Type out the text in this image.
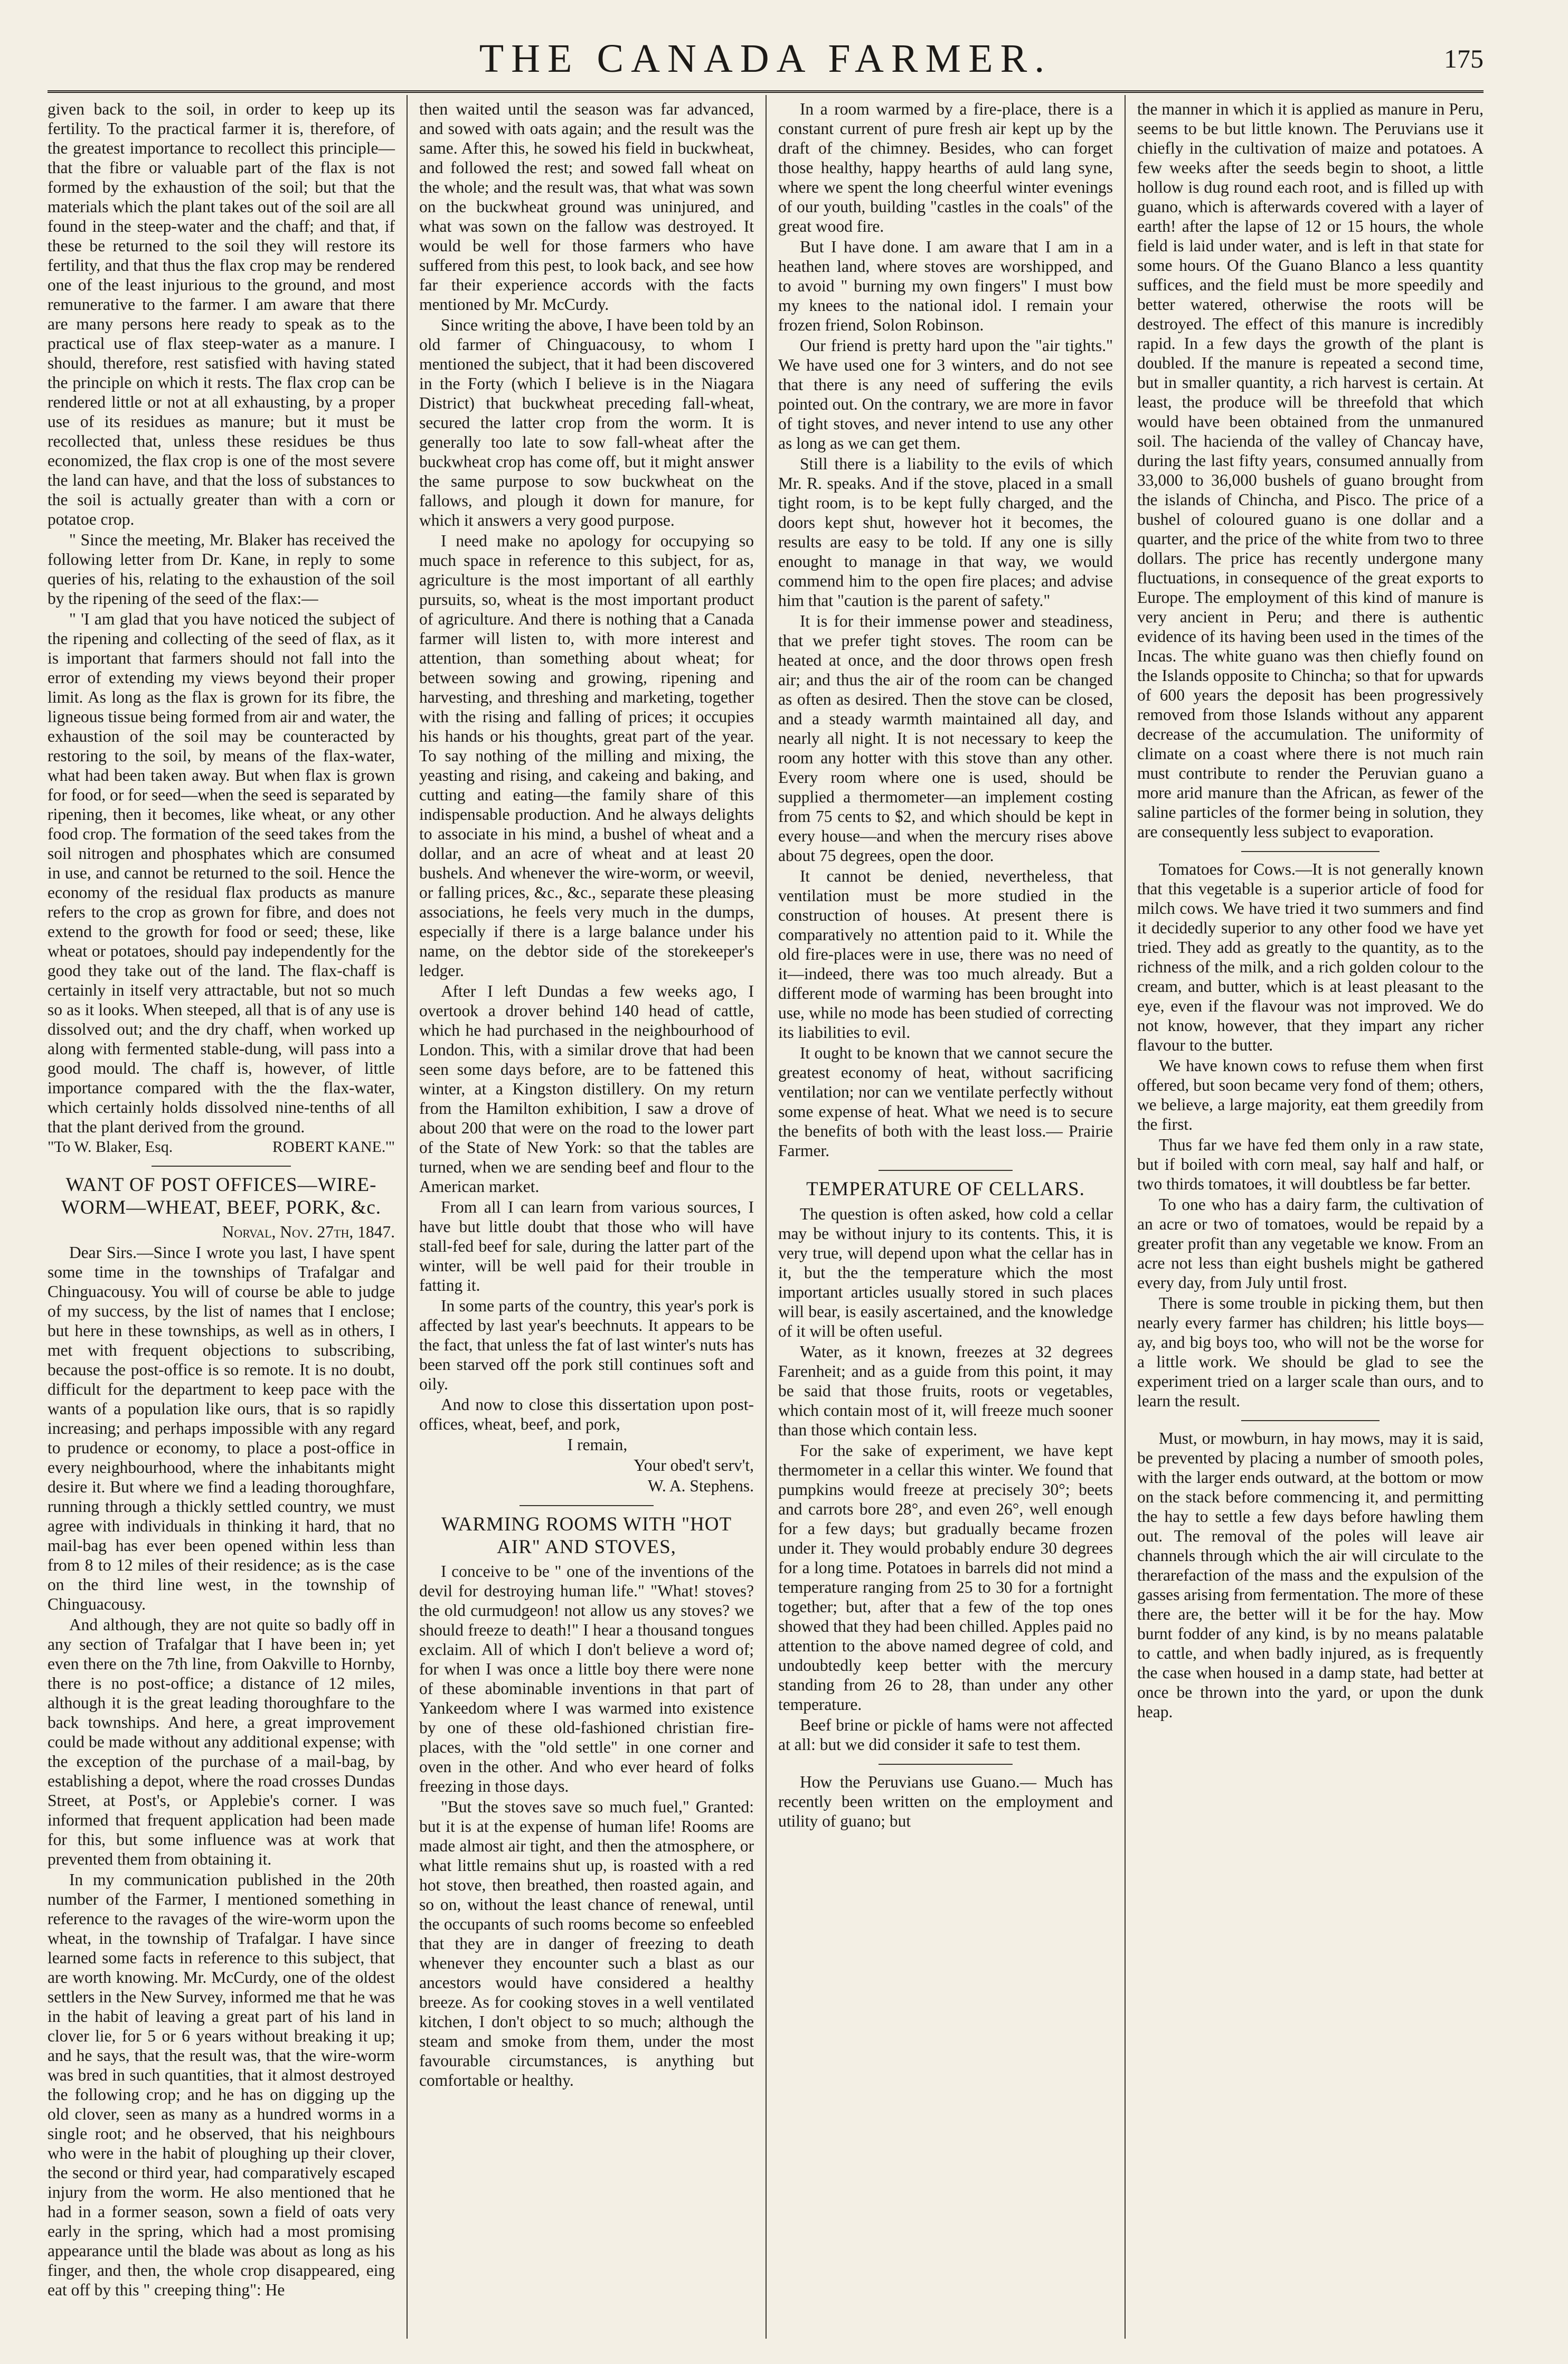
THE CANADA FARMER.	175

given back to the soil, in order to keep up its fertility. To the practical farmer it is, therefore, of the greatest importance to recollect this principle—that the fibre or valuable part of the flax is not formed by the exhaustion of the soil; but that the materials which the plant takes out of the soil are all found in the steep-water and the chaff; and that, if these be returned to the soil they will restore its fertility, and that thus the flax crop may be rendered one of the least injurious to the ground, and most remunerative to the farmer. I am aware that there are many persons here ready to speak as to the practical use of flax steep-water as a manure. I should, therefore, rest satisfied with having stated the principle on which it rests. The flax crop can be rendered little or not at all exhausting, by a proper use of its residues as manure; but it must be recollected that, unless these residues be thus economized, the flax crop is one of the most severe the land can have, and that the loss of substances to the soil is actually greater than with a corn or potatoe crop.

" Since the meeting, Mr. Blaker has received the following letter from Dr. Kane, in reply to some queries of his, relating to the exhaustion of the soil by the ripening of the seed of the flax:—

" 'I am glad that you have noticed the subject of the ripening and collecting of the seed of flax, as it is important that farmers should not fall into the error of extending my views beyond their proper limit. As long as the flax is grown for its fibre, the ligneous tissue being formed from air and water, the exhaustion of the soil may be counteracted by restoring to the soil, by means of the flax-water, what had been taken away. But when flax is grown for food, or for seed—when the seed is separated by ripening, then it becomes, like wheat, or any other food crop. The formation of the seed takes from the soil nitrogen and phosphates which are consumed in use, and cannot be returned to the soil. Hence the economy of the residual flax products as manure refers to the crop as grown for fibre, and does not extend to the growth for food or seed; these, like wheat or potatoes, should pay independently for the good they take out of the land. The flax-chaff is certainly in itself very attractable, but not so much so as it looks. When steeped, all that is of any use is dissolved out; and the dry chaff, when worked up along with fermented stable-dung, will pass into a good mould. The chaff is, however, of little importance compared with the the flax-water, which certainly holds dissolved nine-tenths of all that the plant derived from the ground.

"To W. Blaker, Esq.	ROBERT KANE.'"
WANT OF POST OFFICES—WIRE-WORM—WHEAT, BEEF, PORK, &c.

Norval, Nov. 27th, 1847.

Dear Sirs.—Since I wrote you last, I have spent some time in the townships of Trafalgar and Chinguacousy. You will of course be able to judge of my success, by the list of names that I enclose; but here in these townships, as well as in others, I met with frequent objections to subscribing, because the post-office is so remote. It is no doubt, difficult for the department to keep pace with the wants of a population like ours, that is so rapidly increasing; and perhaps impossible with any regard to prudence or economy, to place a post-office in every neighbourhood, where the inhabitants might desire it. But where we find a leading thoroughfare, running through a thickly settled country, we must agree with individuals in thinking it hard, that no mail-bag has ever been opened within less than from 8 to 12 miles of their residence; as is the case on the third line west, in the township of Chinguacousy.

And although, they are not quite so badly off in any section of Trafalgar that I have been in; yet even there on the 7th line, from Oakville to Hornby, there is no post-office; a distance of 12 miles, although it is the great leading thoroughfare to the back townships. And here, a great improvement could be made without any additional expense; with the exception of the purchase of a mail-bag, by establishing a depot, where the road crosses Dundas Street, at Post's, or Applebie's corner. I was informed that frequent application had been made for this, but some influence was at work that prevented them from obtaining it.

In my communication published in the 20th number of the Farmer, I mentioned something in reference to the ravages of the wire-worm upon the wheat, in the township of Trafalgar. I have since learned some facts in reference to this subject, that are worth knowing. Mr. McCurdy, one of the oldest settlers in the New Survey, informed me that he was in the habit of leaving a great part of his land in clover lie, for 5 or 6 years without breaking it up; and he says, that the result was, that the wire-worm was bred in such quantities, that it almost destroyed the following crop; and he has on digging up the old clover, seen as many as a hundred worms in a single root; and he observed, that his neighbours who were in the habit of ploughing up their clover, the second or third year, had comparatively escaped injury from the worm. He also mentioned that he had in a former season, sown a field of oats very early in the spring, which had a most promising appearance until the blade was about as long as his finger, and then, the whole crop disappeared, eing eat off by this " creeping thing": He

then waited until the season was far advanced, and sowed with oats again; and the result was the same. After this, he sowed his field in buckwheat, and followed the rest; and sowed fall wheat on the whole; and the result was, that what was sown on the buckwheat ground was uninjured, and what was sown on the fallow was destroyed. It would be well for those farmers who have suffered from this pest, to look back, and see how far their experience accords with the facts mentioned by Mr. McCurdy.

Since writing the above, I have been told by an old farmer of Chinguacousy, to whom I mentioned the subject, that it had been discovered in the Forty (which I believe is in the Niagara District) that buckwheat preceding fall-wheat, secured the latter crop from the worm. It is generally too late to sow fall-wheat after the buckwheat crop has come off, but it might answer the same purpose to sow buckwheat on the fallows, and plough it down for manure, for which it answers a very good purpose.

I need make no apology for occupying so much space in reference to this subject, for as, agriculture is the most important of all earthly pursuits, so, wheat is the most important product of agriculture. And there is nothing that a Canada farmer will listen to, with more interest and attention, than something about wheat; for between sowing and growing, ripening and harvesting, and threshing and marketing, together with the rising and falling of prices; it occupies his hands or his thoughts, great part of the year. To say nothing of the milling and mixing, the yeasting and rising, and cakeing and baking, and cutting and eating—the family share of this indispensable production. And he always delights to associate in his mind, a bushel of wheat and a dollar, and an acre of wheat and at least 20 bushels. And whenever the wire-worm, or weevil, or falling prices, &c., &c., separate these pleasing associations, he feels very much in the dumps, especially if there is a large balance under his name, on the debtor side of the storekeeper's ledger.

After I left Dundas a few weeks ago, I overtook a drover behind 140 head of cattle, which he had purchased in the neighbourhood of London. This, with a similar drove that had been seen some days before, are to be fattened this winter, at a Kingston distillery. On my return from the Hamilton exhibition, I saw a drove of about 200 that were on the road to the lower part of the State of New York: so that the tables are turned, when we are sending beef and flour to the American market.

From all I can learn from various sources, I have but little doubt that those who will have stall-fed beef for sale, during the latter part of the winter, will be well paid for their trouble in fatting it.

In some parts of the country, this year's pork is affected by last year's beechnuts. It appears to be the fact, that unless the fat of last winter's nuts has been starved off the pork still continues soft and oily.

And now to close this dissertation upon post-offices, wheat, beef, and pork,

I remain,

Your obed't serv't,

W. A. Stephens.

WARMING ROOMS WITH "HOT AIR" AND STOVES,

I conceive to be " one of the inventions of the devil for destroying human life." "What! stoves? the old curmudgeon! not allow us any stoves? we should freeze to death!" I hear a thousand tongues exclaim. All of which I don't believe a word of; for when I was once a little boy there were none of these abominable inventions in that part of Yankeedom where I was warmed into existence by one of these old-fashioned christian fire-places, with the "old settle" in one corner and oven in the other. And who ever heard of folks freezing in those days.

"But the stoves save so much fuel," Granted: but it is at the expense of human life! Rooms are made almost air tight, and then the atmosphere, or what little remains shut up, is roasted with a red hot stove, then breathed, then roasted again, and so on, without the least chance of renewal, until the occupants of such rooms become so enfeebled that they are in danger of freezing to death whenever they encounter such a blast as our ancestors would have considered a healthy breeze. As for cooking stoves in a well ventilated kitchen, I don't object to so much; although the steam and smoke from them, under the most favourable circumstances, is anything but comfortable or healthy.

In a room warmed by a fire-place, there is a constant current of pure fresh air kept up by the draft of the chimney. Besides, who can forget those healthy, happy hearths of auld lang syne, where we spent the long cheerful winter evenings of our youth, building "castles in the coals" of the great wood fire.

But I have done. I am aware that I am in a heathen land, where stoves are worshipped, and to avoid " burning my own fingers" I must bow my knees to the national idol. I remain your frozen friend, Solon Robinson.

Our friend is pretty hard upon the "air tights." We have used one for 3 winters, and do not see that there is any need of suffering the evils pointed out. On the contrary, we are more in favor of tight stoves, and never intend to use any other as long as we can get them.

Still there is a liability to the evils of which Mr. R. speaks. And if the stove, placed in a small tight room, is to be kept fully charged, and the doors kept shut, however hot it becomes, the results are easy to be told. If any one is silly enought to manage in that way, we would commend him to the open fire places; and advise him that "caution is the parent of safety."

It is for their immense power and steadiness, that we prefer tight stoves. The room can be heated at once, and the door throws open fresh air; and thus the air of the room can be changed as often as desired. Then the stove can be closed, and a steady warmth maintained all day, and nearly all night. It is not necessary to keep the room any hotter with this stove than any other. Every room where one is used, should be supplied a thermometer—an implement costing from 75 cents to $2, and which should be kept in every house—and when the mercury rises above about 75 degrees, open the door.

It cannot be denied, nevertheless, that ventilation must be more studied in the construction of houses. At present there is comparatively no attention paid to it. While the old fire-places were in use, there was no need of it—indeed, there was too much already. But a different mode of warming has been brought into use, while no mode has been studied of correcting its liabilities to evil.

It ought to be known that we cannot secure the greatest economy of heat, without sacrificing ventilation; nor can we ventilate perfectly without some expense of heat. What we need is to secure the benefits of both with the least loss.— Prairie Farmer.

TEMPERATURE OF CELLARS.

The question is often asked, how cold a cellar may be without injury to its contents. This, it is very true, will depend upon what the cellar has in it, but the the temperature which the most important articles usually stored in such places will bear, is easily ascertained, and the knowledge of it will be often useful.

Water, as it known, freezes at 32 degrees Farenheit; and as a guide from this point, it may be said that those fruits, roots or vegetables, which contain most of it, will freeze much sooner than those which contain less.

For the sake of experiment, we have kept thermometer in a cellar this winter. We found that pumpkins would freeze at precisely 30°; beets and carrots bore 28°, and even 26°, well enough for a few days; but gradually became frozen under it. They would probably endure 30 degrees for a long time. Potatoes in barrels did not mind a temperature ranging from 25 to 30 for a fortnight together; but, after that a few of the top ones showed that they had been chilled. Apples paid no attention to the above named degree of cold, and undoubtedly keep better with the mercury standing from 26 to 28, than under any other temperature.

Beef brine or pickle of hams were not affected at all: but we did consider it safe to test them.

How the Peruvians use Guano.— Much has recently been written on the employment and utility of guano; but

the manner in which it is applied as manure in Peru, seems to be but little known. The Peruvians use it chiefly in the cultivation of maize and potatoes. A few weeks after the seeds begin to shoot, a little hollow is dug round each root, and is filled up with guano, which is afterwards covered with a layer of earth! after the lapse of 12 or 15 hours, the whole field is laid under water, and is left in that state for some hours. Of the Guano Blanco a less quantity suffices, and the field must be more speedily and better watered, otherwise the roots will be destroyed. The effect of this manure is incredibly rapid. In a few days the growth of the plant is doubled. If the manure is repeated a second time, but in smaller quantity, a rich harvest is certain. At least, the produce will be threefold that which would have been obtained from the unmanured soil. The hacienda of the valley of Chancay have, during the last fifty years, consumed annually from 33,000 to 36,000 bushels of guano brought from the islands of Chincha, and Pisco. The price of a bushel of coloured guano is one dollar and a quarter, and the price of the white from two to three dollars. The price has recently undergone many fluctuations, in consequence of the great exports to Europe. The employment of this kind of manure is very ancient in Peru; and there is authentic evidence of its having been used in the times of the Incas. The white guano was then chiefly found on the Islands opposite to Chincha; so that for upwards of 600 years the deposit has been progressively removed from those Islands without any apparent decrease of the accumulation. The uniformity of climate on a coast where there is not much rain must contribute to render the Peruvian guano a more arid manure than the African, as fewer of the saline particles of the former being in solution, they are consequently less subject to evaporation.

Tomatoes for Cows.—It is not generally known that this vegetable is a superior article of food for milch cows. We have tried it two summers and find it decidedly superior to any other food we have yet tried. They add as greatly to the quantity, as to the richness of the milk, and a rich golden colour to the cream, and butter, which is at least pleasant to the eye, even if the flavour was not improved. We do not know, however, that they impart any richer flavour to the butter.

We have known cows to refuse them when first offered, but soon became very fond of them; others, we believe, a large majority, eat them greedily from the first.

Thus far we have fed them only in a raw state, but if boiled with corn meal, say half and half, or two thirds tomatoes, it will doubtless be far better.

To one who has a dairy farm, the cultivation of an acre or two of tomatoes, would be repaid by a greater profit than any vegetable we know. From an acre not less than eight bushels might be gathered every day, from July until frost.

There is some trouble in picking them, but then nearly every farmer has children; his little boys—ay, and big boys too, who will not be the worse for a little work. We should be glad to see the experiment tried on a larger scale than ours, and to learn the result.

Must, or mowburn, in hay mows, may it is said, be prevented by placing a number of smooth poles, with the larger ends outward, at the bottom or mow on the stack before commencing it, and permitting the hay to settle a few days before hawling them out. The removal of the poles will leave air channels through which the air will circulate to the therarefaction of the mass and the expulsion of the gasses arising from fermentation. The more of these there are, the better will it be for the hay. Mow burnt fodder of any kind, is by no means palatable to cattle, and when badly injured, as is frequently the case when housed in a damp state, had better at once be thrown into the yard, or upon the dunk heap.
